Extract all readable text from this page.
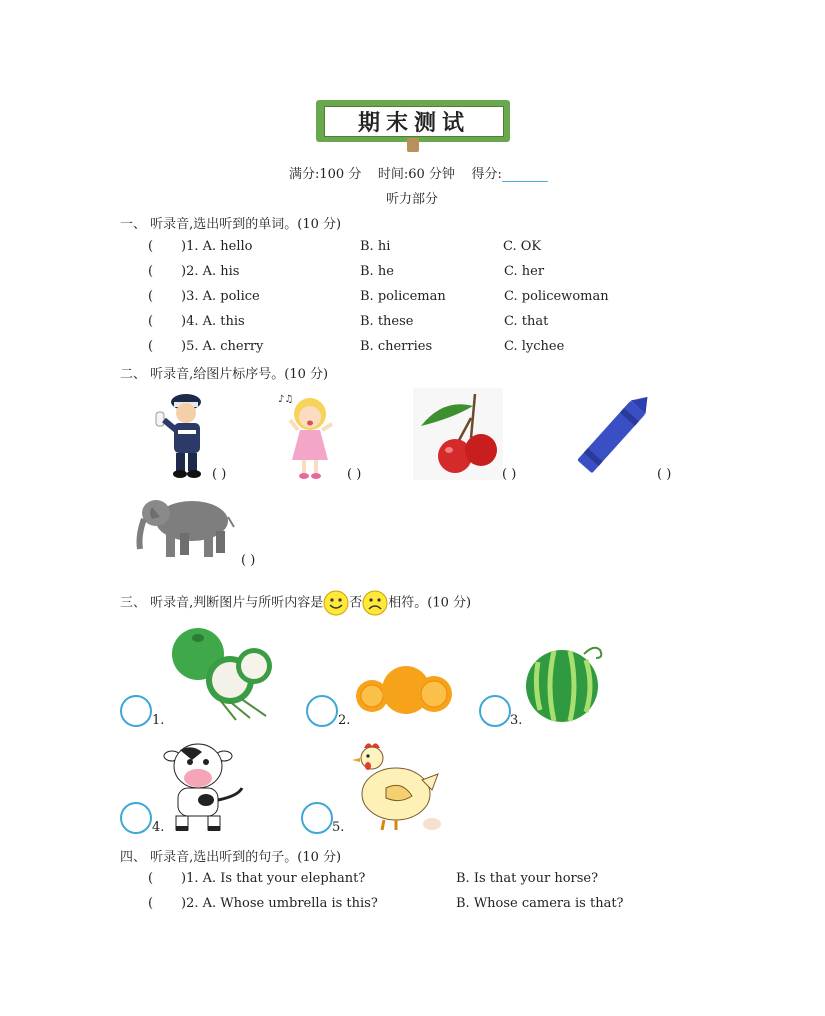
期末测试
满分:100 分 时间:60 分钟 得分:
听力部分
一、 听录音,选出听到的单词。(10 分)
( )1. A. hello	B. hi	C. OK
( )2. A. his	B. he	C. her
( )3. A. police	B. policeman	C. policewoman
( )4. A. this	B. these	C. that
( )5. A. cherry	B. cherries	C. lychee
二、 听录音,给图片标序号。(10 分)
( )
♪♫
( )	( )	( )
( )
三、 听录音,判断图片与所听内容是 否 相符。(10 分)
1.	2.	3.
4.	5.
四、 听录音,选出听到的句子。(10 分)
( )1. A. Is that your elephant?	B. Is that your horse?
( )2. A. Whose umbrella is this?	B. Whose camera is that?
